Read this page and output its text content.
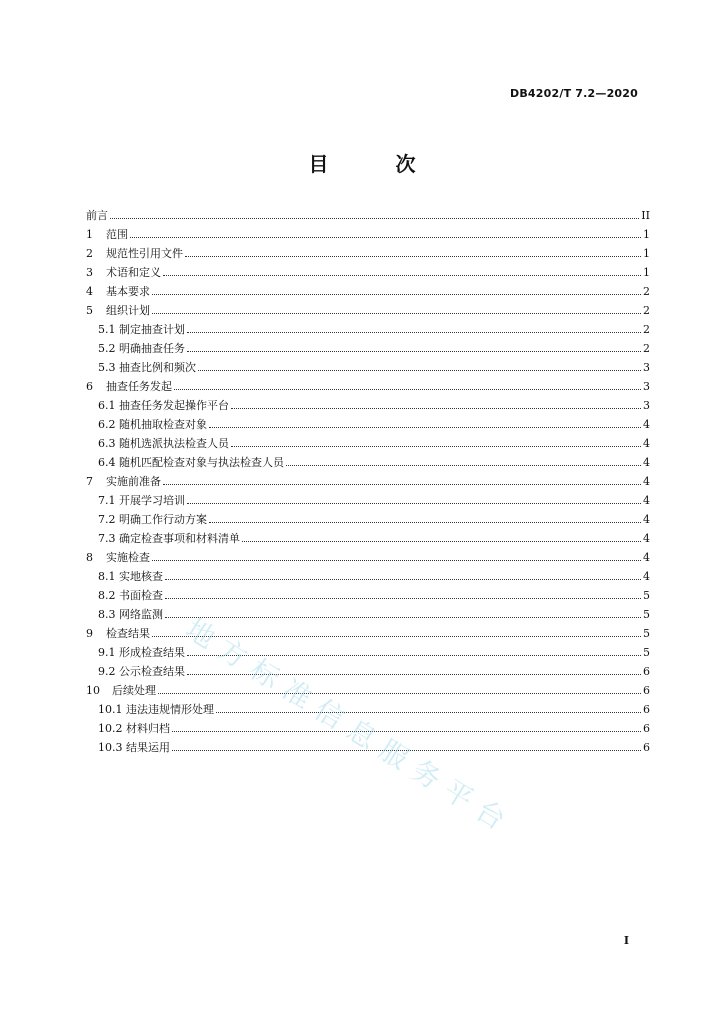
DB4202/T 7.2—2020
目 次
前言	II
1	范围	1
2	规范性引用文件	1
3	术语和定义	1
4	基本要求	2
5	组织计划	2
5.1 制定抽查计划	2
5.2 明确抽查任务	2
5.3 抽查比例和频次	3
6	抽查任务发起	3
6.1 抽查任务发起操作平台	3
6.2 随机抽取检查对象	4
6.3 随机选派执法检查人员	4
6.4 随机匹配检查对象与执法检查人员	4
7	实施前准备	4
7.1 开展学习培训	4
7.2 明确工作行动方案	4
7.3 确定检查事项和材料清单	4
8	实施检查	4
8.1 实地核查	4
8.2 书面检查	5
8.3 网络监测	5
9	检查结果	5
9.1 形成检查结果	5
9.2 公示检查结果	6
10	后续处理	6
10.1 违法违规情形处理	6
10.2 材料归档	6
10.3 结果运用	6
地方标准信息服务平台
I
